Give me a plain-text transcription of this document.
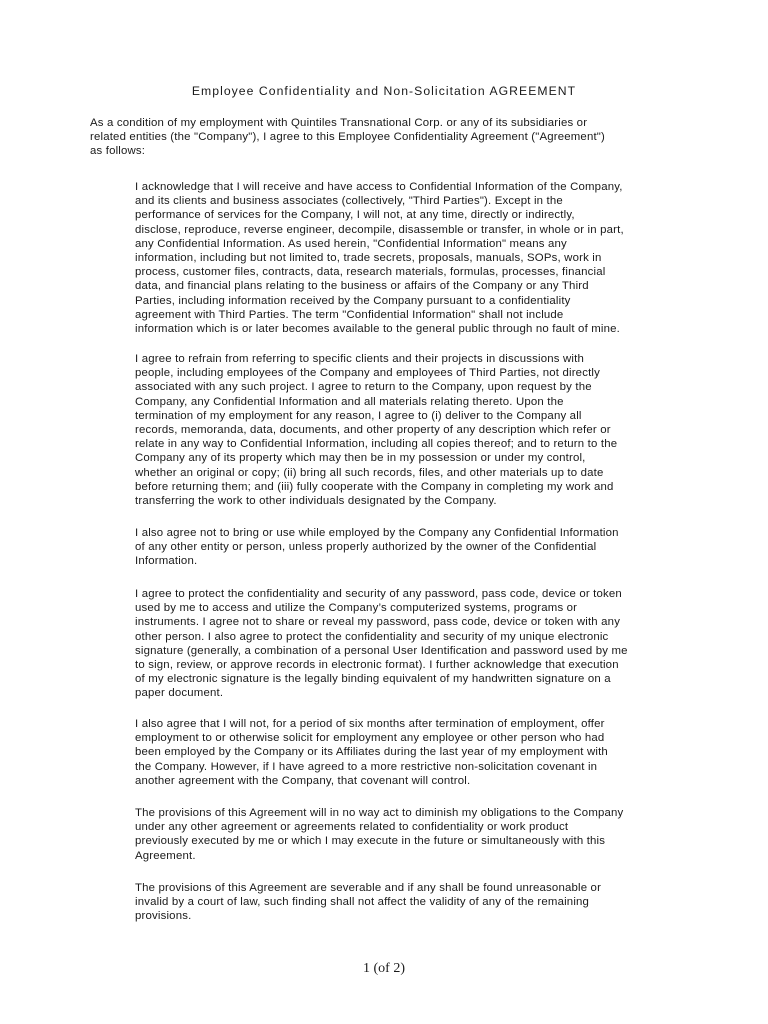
Employee Confidentiality and Non-Solicitation AGREEMENT
As a condition of my employment with Quintiles Transnational Corp. or any of its subsidiaries or
related entities (the "Company"), I agree to this Employee Confidentiality Agreement ("Agreement")
as follows:
I acknowledge that I will receive and have access to Confidential Information of the Company,
and its clients and business associates (collectively, "Third Parties"). Except in the
performance of services for the Company, I will not, at any time, directly or indirectly,
disclose, reproduce, reverse engineer, decompile, disassemble or transfer, in whole or in part,
any Confidential Information. As used herein, "Confidential Information" means any
information, including but not limited to, trade secrets, proposals, manuals, SOPs, work in
process, customer files, contracts, data, research materials, formulas, processes, financial
data, and financial plans relating to the business or affairs of the Company or any Third
Parties, including information received by the Company pursuant to a confidentiality
agreement with Third Parties. The term "Confidential Information" shall not include
information which is or later becomes available to the general public through no fault of mine.
I agree to refrain from referring to specific clients and their projects in discussions with
people, including employees of the Company and employees of Third Parties, not directly
associated with any such project. I agree to return to the Company, upon request by the
Company, any Confidential Information and all materials relating thereto. Upon the
termination of my employment for any reason, I agree to (i) deliver to the Company all
records, memoranda, data, documents, and other property of any description which refer or
relate in any way to Confidential Information, including all copies thereof; and to return to the
Company any of its property which may then be in my possession or under my control,
whether an original or copy; (ii) bring all such records, files, and other materials up to date
before returning them; and (iii) fully cooperate with the Company in completing my work and
transferring the work to other individuals designated by the Company.
I also agree not to bring or use while employed by the Company any Confidential Information
of any other entity or person, unless properly authorized by the owner of the Confidential
Information.
I agree to protect the confidentiality and security of any password, pass code, device or token
used by me to access and utilize the Company’s computerized systems, programs or
instruments. I agree not to share or reveal my password, pass code, device or token with any
other person. I also agree to protect the confidentiality and security of my unique electronic
signature (generally, a combination of a personal User Identification and password used by me
to sign, review, or approve records in electronic format). I further acknowledge that execution
of my electronic signature is the legally binding equivalent of my handwritten signature on a
paper document.
I also agree that I will not, for a period of six months after termination of employment, offer
employment to or otherwise solicit for employment any employee or other person who had
been employed by the Company or its Affiliates during the last year of my employment with
the Company. However, if I have agreed to a more restrictive non-solicitation covenant in
another agreement with the Company, that covenant will control.
The provisions of this Agreement will in no way act to diminish my obligations to the Company
under any other agreement or agreements related to confidentiality or work product
previously executed by me or which I may execute in the future or simultaneously with this
Agreement.
The provisions of this Agreement are severable and if any shall be found unreasonable or
invalid by a court of law, such finding shall not affect the validity of any of the remaining
provisions.
1 (of 2)
